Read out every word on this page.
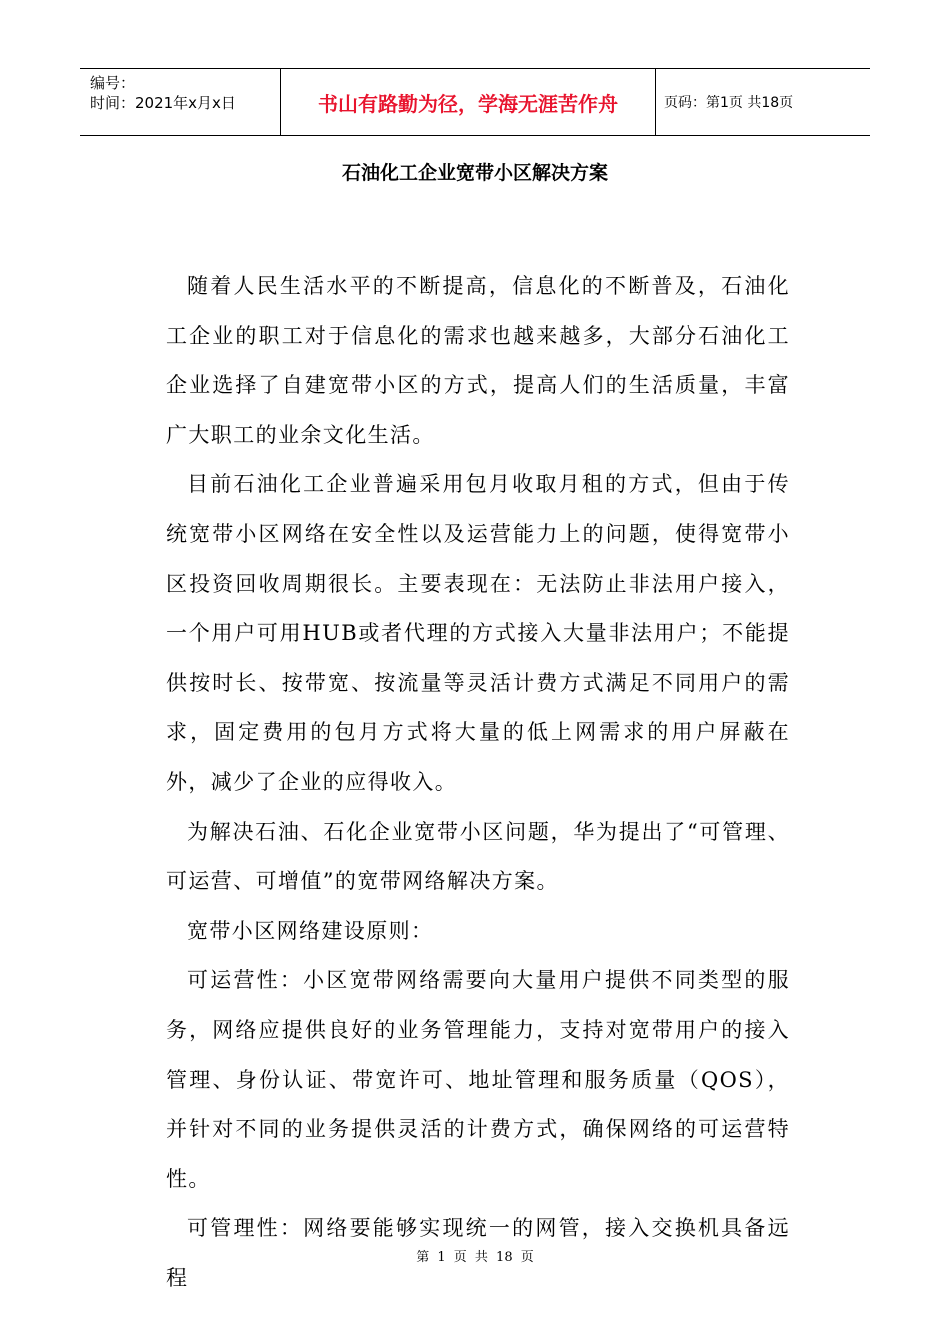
编号：
时间：2021年x月x日	书山有路勤为径，学海无涯苦作舟	页码：第1页 共18页
石油化工企业宽带小区解决方案

随着人民生活水平的不断提高，信息化的不断普及，石油化工企业的职工对于信息化的需求也越来越多，大部分石油化工企业选择了自建宽带小区的方式，提高人们的生活质量，丰富广大职工的业余文化生活。

目前石油化工企业普遍采用包月收取月租的方式，但由于传统宽带小区网络在安全性以及运营能力上的问题，使得宽带小区投资回收周期很长。主要表现在：无法防止非法用户接入，一个用户可用HUB或者代理的方式接入大量非法用户；不能提供按时长、按带宽、按流量等灵活计费方式满足不同用户的需求，固定费用的包月方式将大量的低上网需求的用户屏蔽在外，减少了企业的应得收入。

为解决石油、石化企业宽带小区问题，华为提出了“可管理、可运营、可增值”的宽带网络解决方案。

宽带小区网络建设原则：

可运营性：小区宽带网络需要向大量用户提供不同类型的服务，网络应提供良好的业务管理能力，支持对宽带用户的接入管理、身份认证、带宽许可、地址管理和服务质量（QOS），并针对不同的业务提供灵活的计费方式，确保网络的可运营特性。

可管理性：网络要能够实现统一的网管，接入交换机具备远程

第 1 页 共 18 页
